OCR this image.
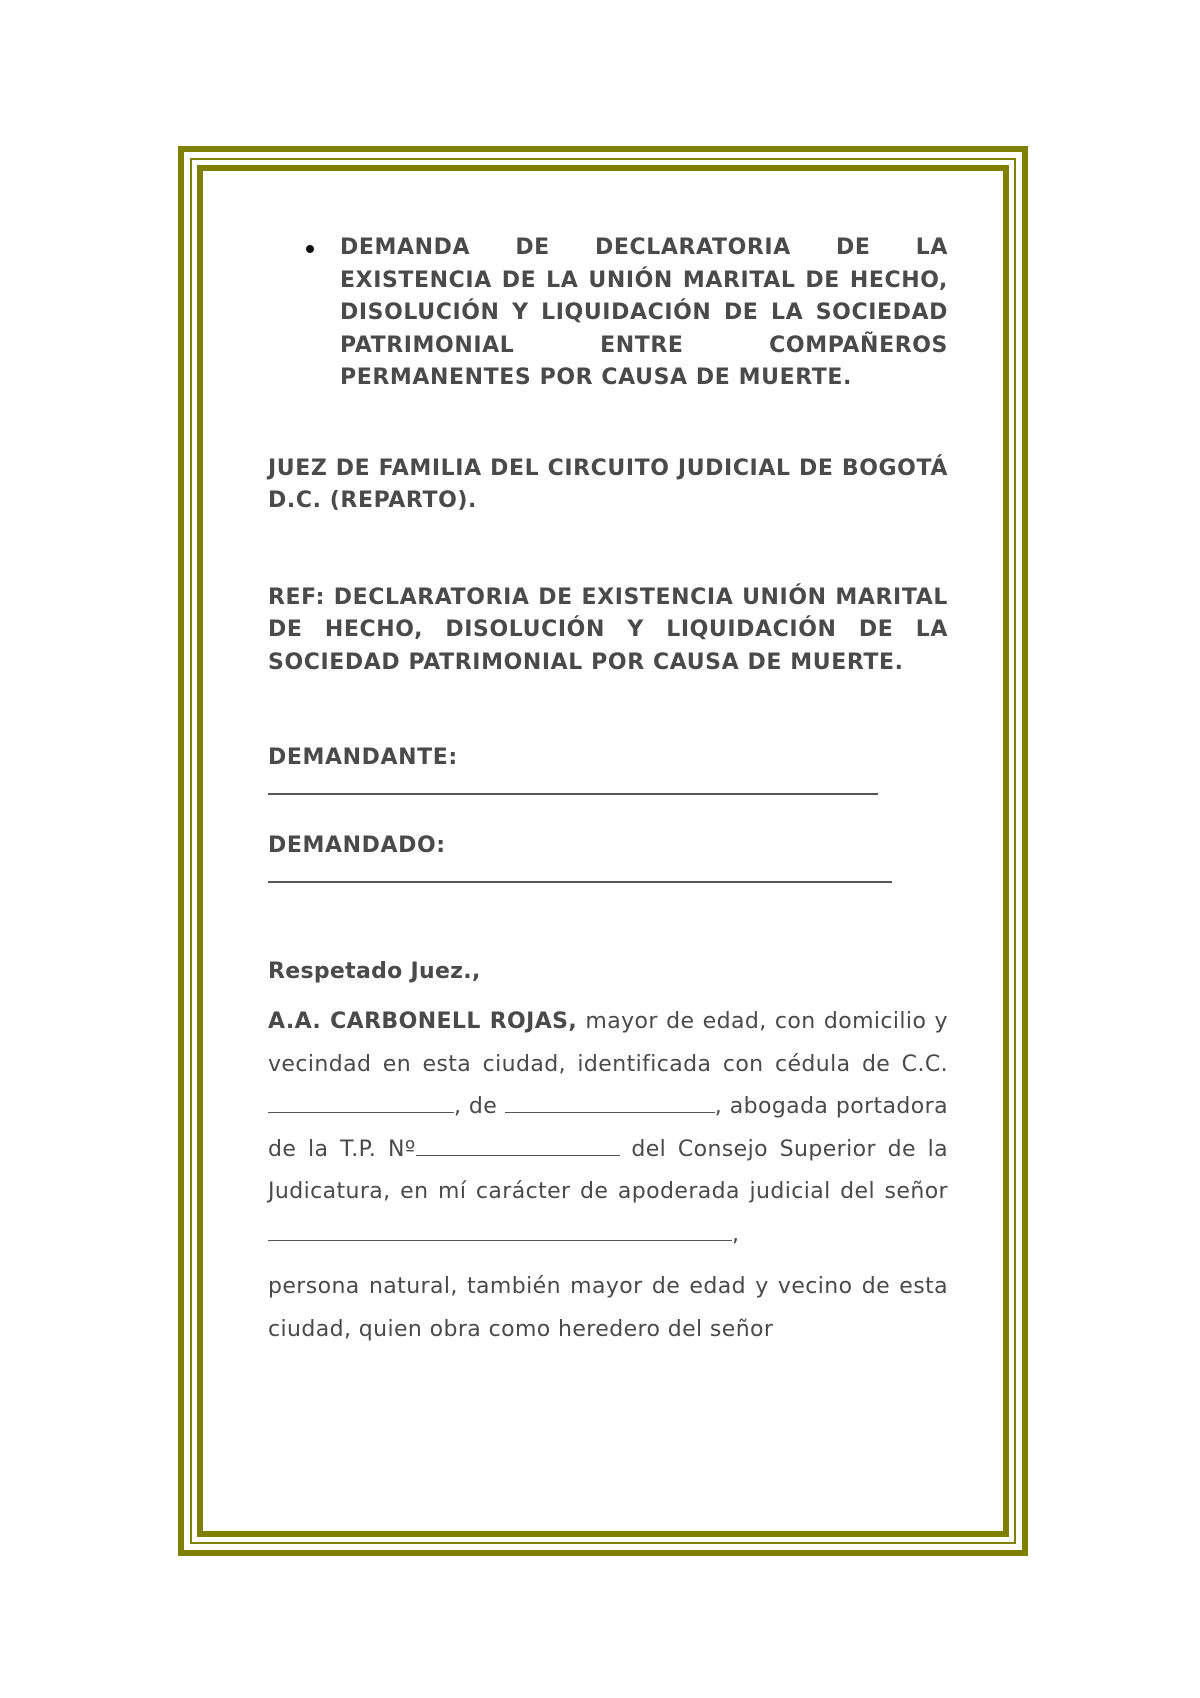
DEMANDA DE DECLARATORIA DE LA EXISTENCIA DE LA UNIÓN MARITAL DE HECHO, DISOLUCIÓN Y LIQUIDACIÓN DE LA SOCIEDAD PATRIMONIAL ENTRE COMPAÑEROS PERMANENTES POR CAUSA DE MUERTE.

JUEZ DE FAMILIA DEL CIRCUITO JUDICIAL DE BOGOTÁ D.C. (REPARTO).

REF: DECLARATORIA DE EXISTENCIA UNIÓN MARITAL DE HECHO, DISOLUCIÓN Y LIQUIDACIÓN DE LA SOCIEDAD PATRIMONIAL POR CAUSA DE MUERTE.

DEMANDANTE:

DEMANDADO:

Respetado Juez.,

A.A. CARBONELL ROJAS, mayor de edad, con domicilio y vecindad en esta ciudad, identificada con cédula de C.C., de	, abogada portadora de la T.P. Nº	del Consejo Superior de la Judicatura, en mí carácter de apoderada judicial del señor ,

persona natural, también mayor de edad y vecino de esta ciudad, quien obra como heredero del señor
